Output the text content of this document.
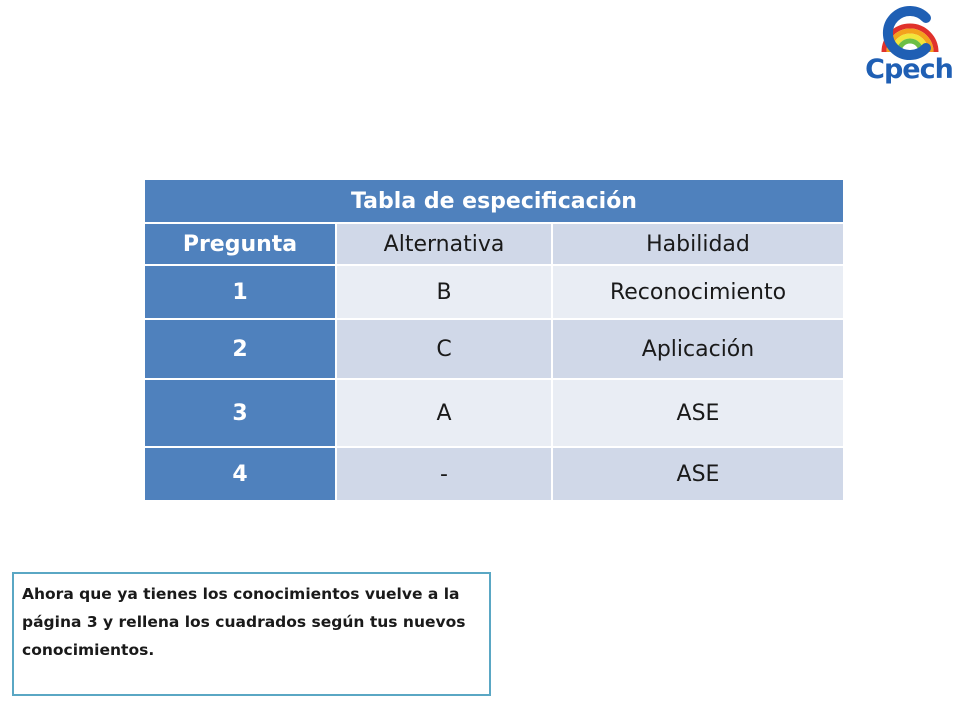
Cpech
Tabla de especificación		
Pregunta	Alternativa	Habilidad
1	B	Reconocimiento
2	C	Aplicación
3	A	ASE
4	-	ASE
Ahora que ya tienes los conocimientos vuelve a la página 3 y rellena los cuadrados según tus nuevos conocimientos.
